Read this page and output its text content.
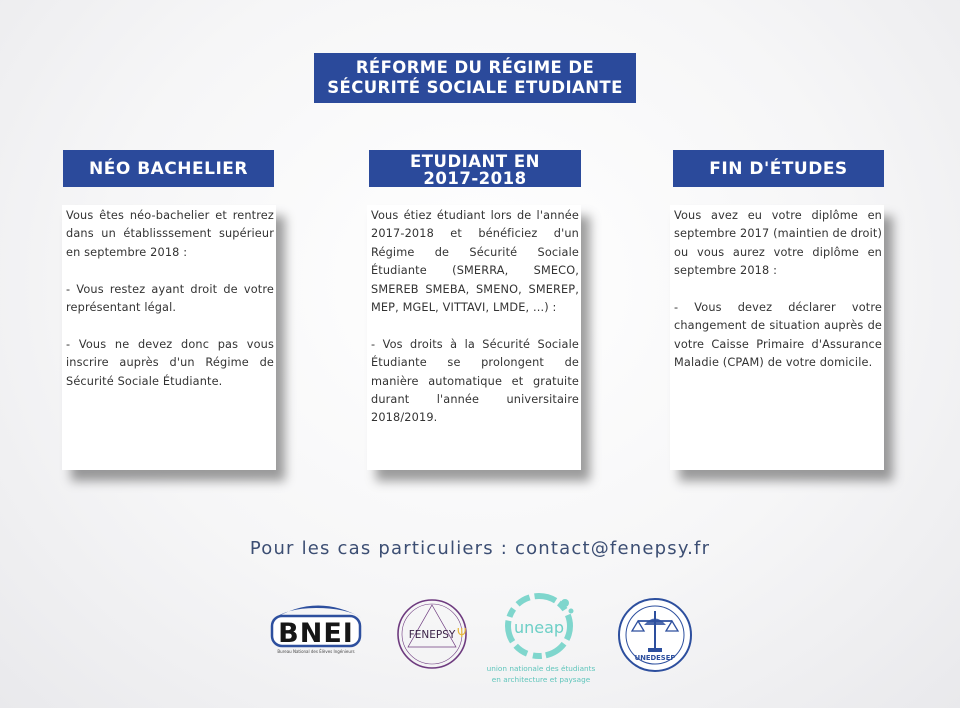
RÉFORME DU RÉGIME DE
SÉCURITÉ SOCIALE ETUDIANTE
NÉO BACHELIER	ETUDIANT EN
2017-2018	FIN D'ÉTUDES

Vous êtes néo-bachelier et rentrez dans un établisssement supérieur en septembre 2018 :

- Vous restez ayant droit de votre représentant légal.

- Vous ne devez donc pas vous inscrire auprès d'un Régime de Sécurité Sociale Étudiante.

Vous étiez étudiant lors de l'année 2017-2018 et bénéficiez d'un Régime de Sécurité Sociale Étudiante (SMERRA, SMECO, SMEREB SMEBA, SMENO, SMEREP, MEP, MGEL, VITTAVI, LMDE, ...) :

- Vos droits à la Sécurité Sociale Étudiante se prolongent de manière automatique et gratuite durant l'année universitaire 2018/2019.

Vous avez eu votre diplôme en septembre 2017 (maintien de droit) ou vous aurez votre diplôme en septembre 2018 :

- Vous devez déclarer votre changement de situation auprès de votre Caisse Primaire d'Assurance Maladie (CPAM) de votre domicile.

Pour les cas particuliers : contact@fenepsy.fr
BNEI
Bureau National des Élèves Ingénieurs
FENEPSY Ψ	uneap
union nationale des étudiants
en architecture et paysage
UNEDESEP
